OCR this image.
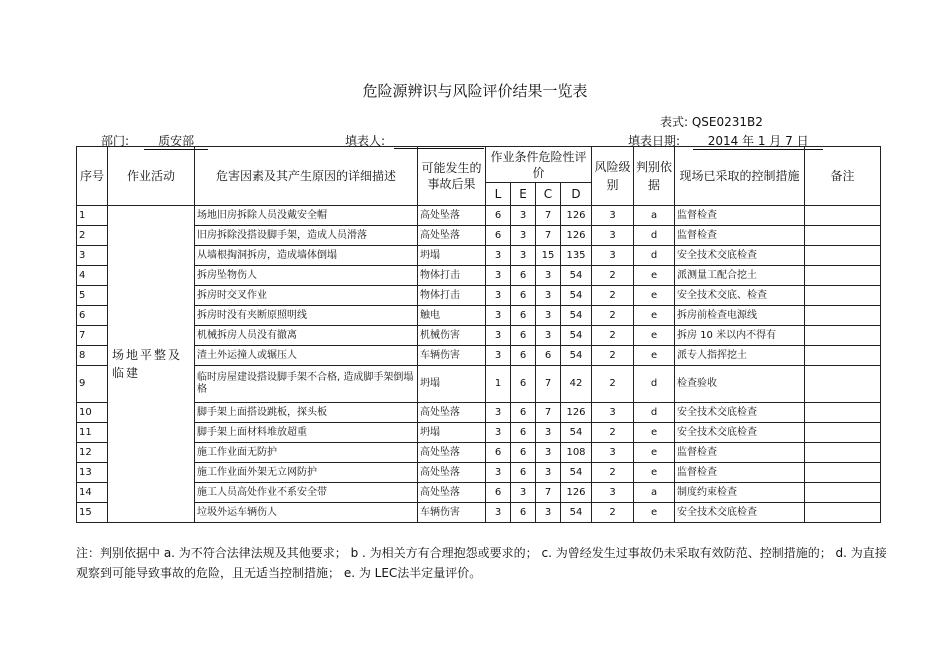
危险源辨识与风险评价结果一览表
表式: QSE0231B2
部门: 质安部	填表人:	填表日期: 2014 年 1 月 7 日
序号	作业活动	危害因素及其产生原因的详细描述	可能发生的事故后果	作业条件危险性评价				风险级别	判别依据	现场已采取的控制措施	备注
				L	E	C	D				
1	场地平整及临建	场地旧房拆除人员没戴安全帽	高处坠落	6	3	7	126	3	a	监督检查	
2		旧房拆除没搭设脚手架，造成人员滑落	高处坠落	6	3	7	126	3	d	监督检查	
3		从墙根掏洞拆房，造成墙体倒塌	坍塌	3	3	15	135	3	d	安全技术交底检查	
4		拆房坠物伤人	物体打击	3	6	3	54	2	e	派测量工配合挖土	
5		拆房时交叉作业	物体打击	3	6	3	54	2	e	安全技术交底、检查	
6		拆房时没有夹断原照明线	触电	3	6	3	54	2	e	拆房前检查电源线	
7		机械拆房人员没有撤离	机械伤害	3	6	3	54	2	e	拆房 10 米以内不得有	
8		渣土外运撞人或辗压人	车辆伤害	3	6	6	54	2	e	派专人指挥挖土	
9		临时房屋建设搭设脚手架不合格, 造成脚手架倒塌格	坍塌	1	6	7	42	2	d	检查验收	
10		脚手架上面搭设跳板，探头板	高处坠落	3	6	7	126	3	d	安全技术交底检查	
11		脚手架上面材料堆放超重	坍塌	3	6	3	54	2	e	安全技术交底检查	
12		施工作业面无防护	高处坠落	6	6	3	108	3	e	监督检查	
13		施工作业面外架无立网防护	高处坠落	3	6	3	54	2	e	监督检查	
14		施工人员高处作业不系安全带	高处坠落	6	3	7	126	3	a	制度约束检查	
15		垃圾外运车辆伤人	车辆伤害	3	6	3	54	2	e	安全技术交底检查	
注：判别依据中 a. 为不符合法律法规及其他要求； b . 为相关方有合理抱怨或要求的； c. 为曾经发生过事故仍未采取有效防范、控制措施的； d. 为直接观察到可能导致事故的危险，且无适当控制措施； e. 为 LEC法半定量评价。
